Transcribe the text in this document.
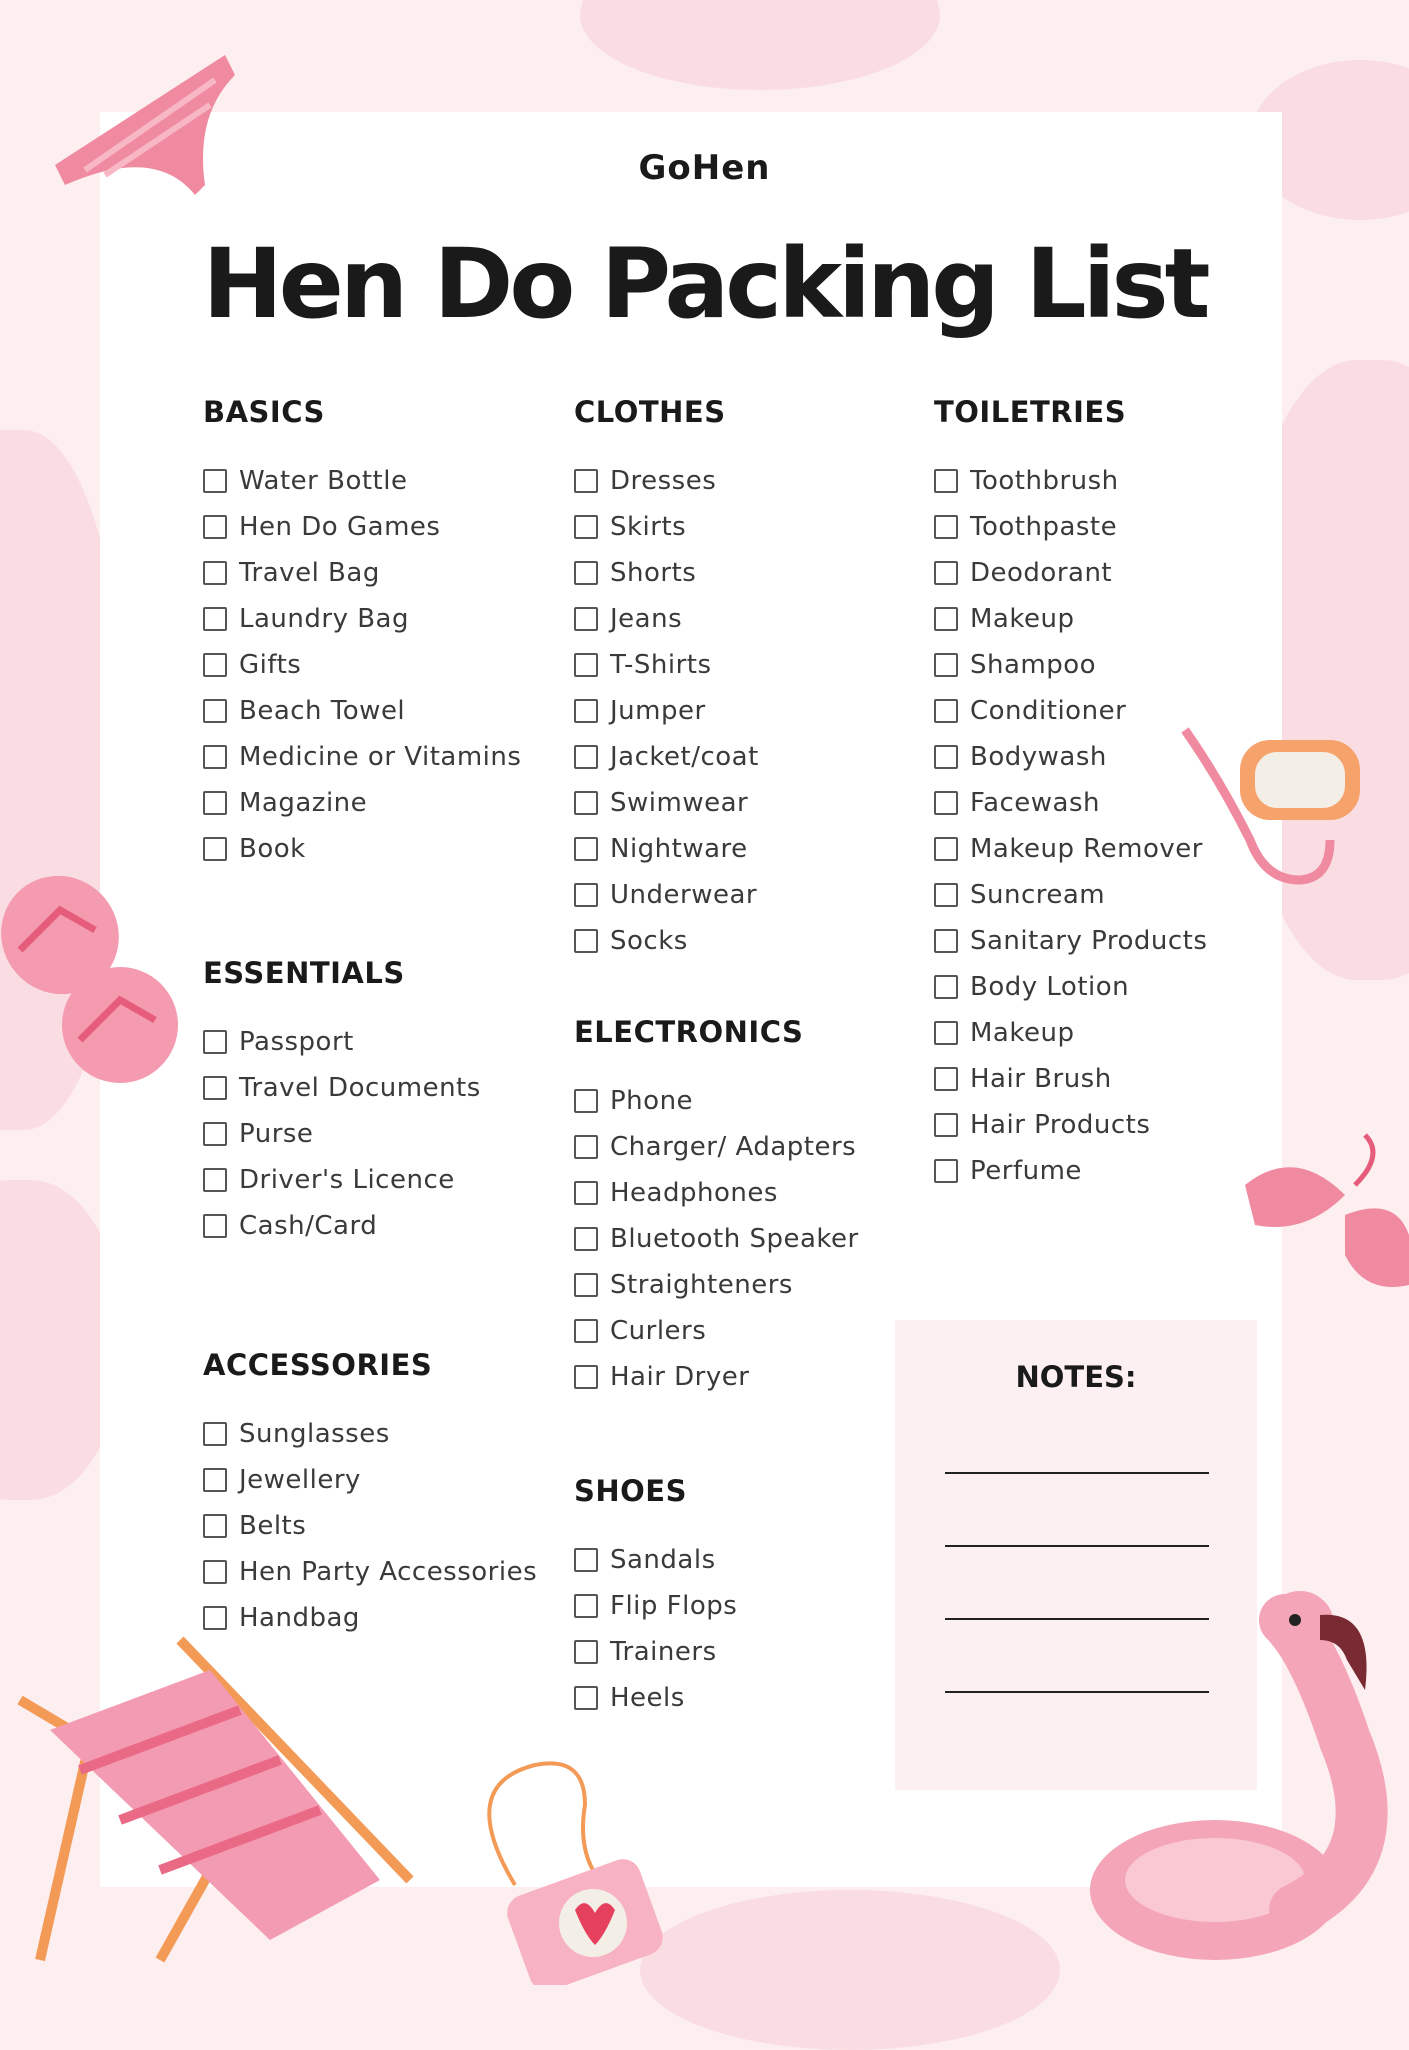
GoHen
Hen Do Packing List
BASICS
Water Bottle
Hen Do Games
Travel Bag
Laundry Bag
Gifts
Beach Towel
Medicine or Vitamins
Magazine
Book
ESSENTIALS
Passport
Travel Documents
Purse
Driver's Licence
Cash/Card
ACCESSORIES
Sunglasses
Jewellery
Belts
Hen Party Accessories
Handbag
CLOTHES
Dresses
Skirts
Shorts
Jeans
T-Shirts
Jumper
Jacket/coat
Swimwear
Nightware
Underwear
Socks
ELECTRONICS
Phone
Charger/ Adapters
Headphones
Bluetooth Speaker
Straighteners
Curlers
Hair Dryer
SHOES
Sandals
Flip Flops
Trainers
Heels
TOILETRIES
Toothbrush
Toothpaste
Deodorant
Makeup
Shampoo
Conditioner
Bodywash
Facewash
Makeup Remover
Suncream
Sanitary Products
Body Lotion
Makeup
Hair Brush
Hair Products
Perfume
NOTES:
